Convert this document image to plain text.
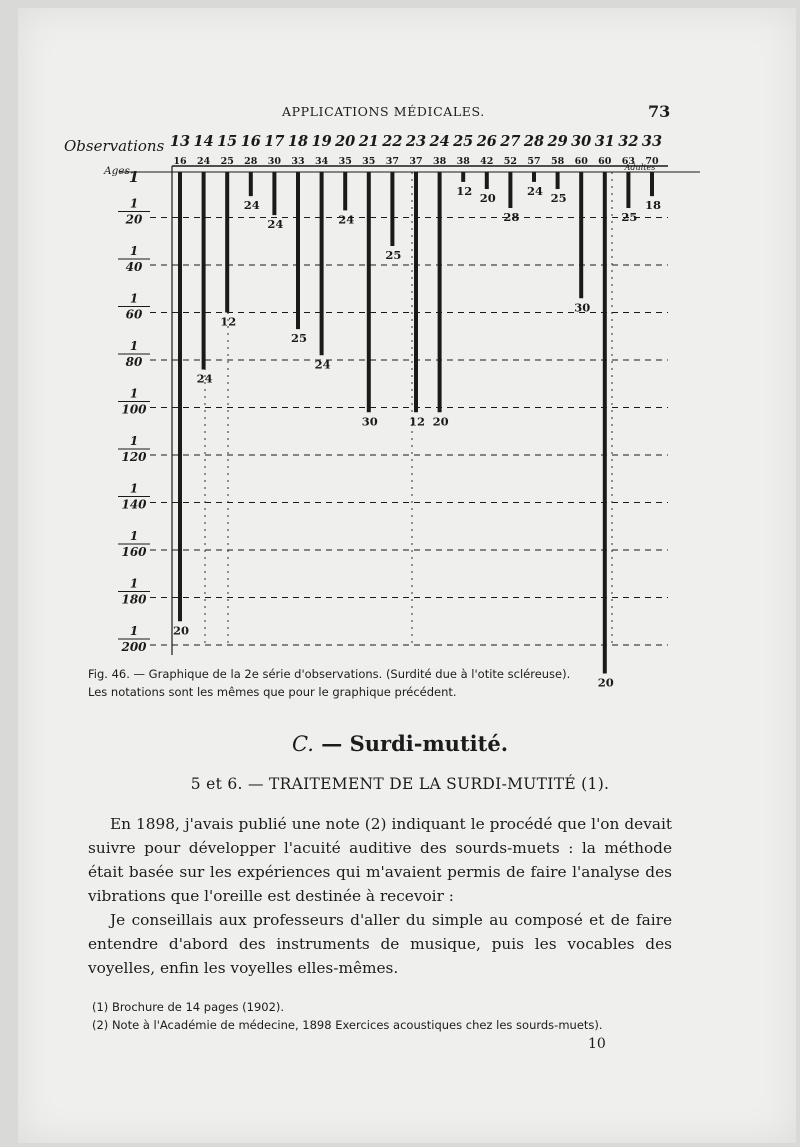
APPLICATIONS MÉDICALES.	73
Observations
Ages
13 14 15 16 17 18 19 20 21 22 23 24 25 26 27 28 29 30 31 32 33
16 24 25 28 30 33 34 35 35 37 37 38 38 42 52 57 58 60 60 63 70
Adultes
1
1
20
1
40
1
60
1
80
1
100
1
120
1
140
1
160
1
180
1
200
20
24
12
24
24
25
24
24
30
25
12 20
12
20
28
24
25
30
20
25
18

Fig. 46. — Graphique de la 2e série d'observations. (Surdité due à l'otite scléreuse).

Les notations sont les mêmes que pour le graphique précédent.

C. — Surdi-mutité.
5 et 6. — TRAITEMENT DE LA SURDI-MUTITÉ (1).

En 1898, j'avais publié une note (2) indiquant le procédé que l'on devait suivre pour développer l'acuité auditive des sourds-muets : la méthode était basée sur les expériences qui m'avaient permis de faire l'analyse des vibrations que l'oreille est destinée à recevoir :

Je conseillais aux professeurs d'aller du simple au composé et de faire entendre d'abord des instruments de musique, puis les vocables des voyelles, enfin les voyelles elles-mêmes.

(1) Brochure de 14 pages (1902).

(2) Note à l'Académie de médecine, 1898 Exercices acoustiques chez les sourds-muets).

10
